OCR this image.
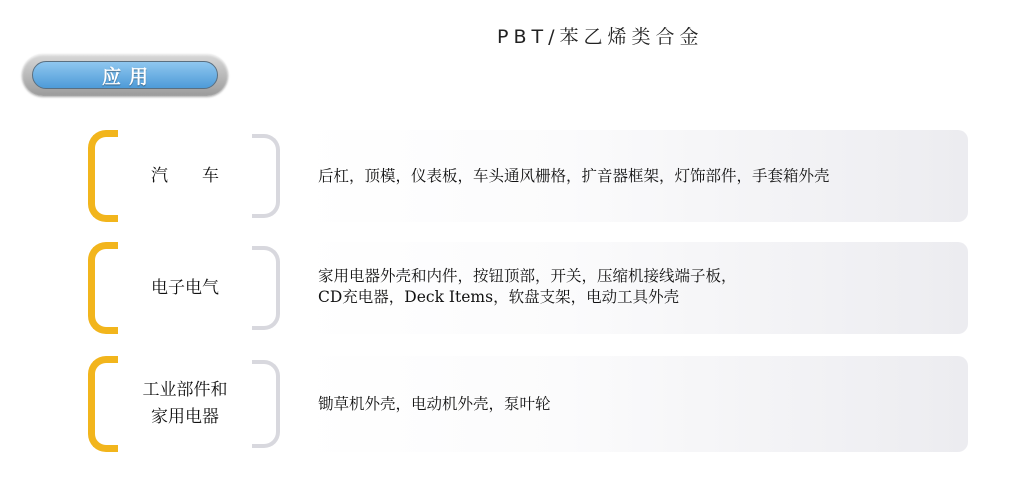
PBT/苯乙烯类合金
应用
汽　　车	后杠，顶模，仪表板，车头通风栅格，扩音器框架，灯饰部件，手套箱外壳
电子电气
家用电器外壳和内件，按钮顶部，开关，压缩机接线端子板，
CD充电器，Deck Items，软盘支架，电动工具外壳
工业部件和
家用电器
锄草机外壳，电动机外壳，泵叶轮
